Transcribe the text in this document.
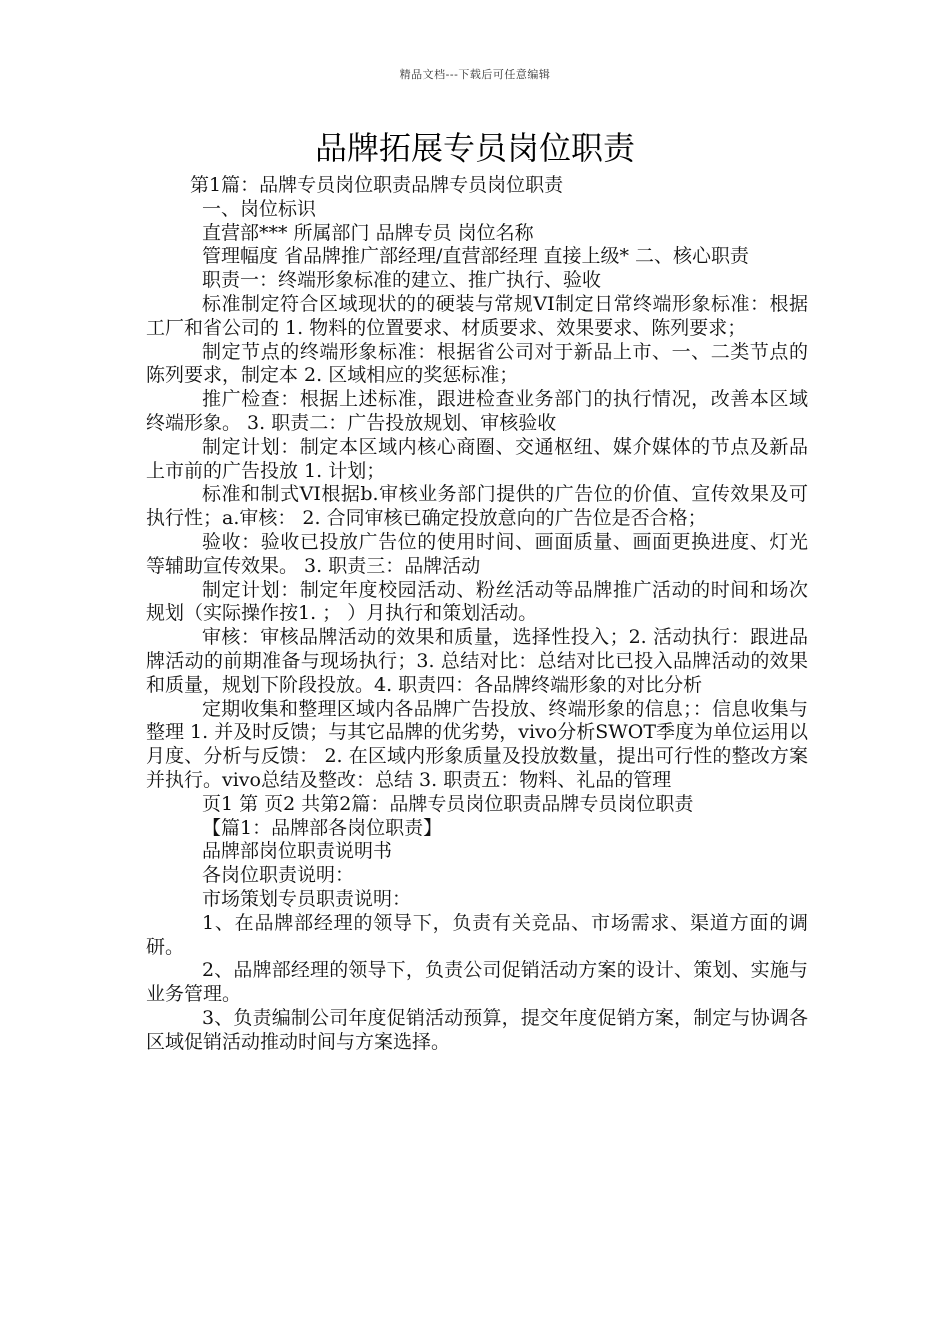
精品文档---下载后可任意编辑
品牌拓展专员岗位职责

第1篇：品牌专员岗位职责品牌专员岗位职责

一、岗位标识

直营部*** 所属部门 品牌专员 岗位名称

管理幅度 省品牌推广部经理/直营部经理 直接上级* 二、核心职责

职责一：终端形象标准的建立、推广执行、验收

标准制定符合区域现状的的硬装与常规VI制定日常终端形象标准：根据工厂和省公司的 1. 物料的位置要求、材质要求、效果要求、陈列要求；

制定节点的终端形象标准：根据省公司对于新品上市、一、二类节点的陈列要求，制定本 2. 区域相应的奖惩标准；

推广检查：根据上述标准，跟进检查业务部门的执行情况，改善本区域终端形象。 3. 职责二：广告投放规划、审核验收

制定计划：制定本区域内核心商圈、交通枢纽、媒介媒体的节点及新品上市前的广告投放 1. 计划；

标准和制式VI根据b.审核业务部门提供的广告位的价值、宣传效果及可执行性；a.审核： 2. 合同审核已确定投放意向的广告位是否合格；

验收：验收已投放广告位的使用时间、画面质量、画面更换进度、灯光等辅助宣传效果。 3. 职责三：品牌活动

制定计划：制定年度校园活动、粉丝活动等品牌推广活动的时间和场次规划（实际操作按1. ； ）月执行和策划活动。

审核：审核品牌活动的效果和质量，选择性投入；2. 活动执行：跟进品牌活动的前期准备与现场执行；3. 总结对比：总结对比已投入品牌活动的效果和质量，规划下阶段投放。4. 职责四：各品牌终端形象的对比分析

定期收集和整理区域内各品牌广告投放、终端形象的信息；：信息收集与整理 1. 并及时反馈；与其它品牌的优劣势，vivo分析SWOT季度为单位运用以月度、分析与反馈： 2. 在区域内形象质量及投放数量，提出可行性的整改方案并执行。vivo总结及整改：总结 3. 职责五：物料、礼品的管理

页1 第 页2 共第2篇：品牌专员岗位职责品牌专员岗位职责

【篇1：品牌部各岗位职责】

品牌部岗位职责说明书

各岗位职责说明：

市场策划专员职责说明：

1、在品牌部经理的领导下，负责有关竞品、市场需求、渠道方面的调研。

2、品牌部经理的领导下，负责公司促销活动方案的设计、策划、实施与业务管理。

3、负责编制公司年度促销活动预算，提交年度促销方案，制定与协调各区域促销活动推动时间与方案选择。
